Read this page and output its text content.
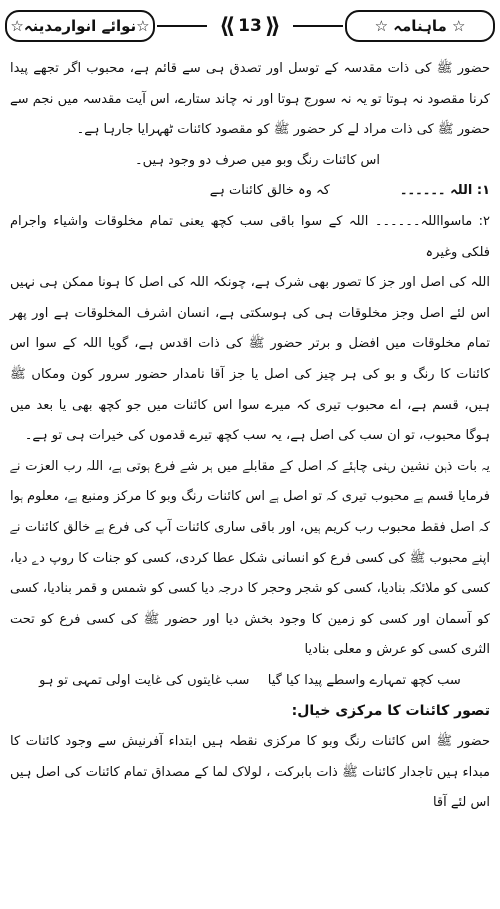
☆ ماہنامہ ☆
⟪ 13 ⟫
☆نوائے انوارمدینہ☆

حضور ﷺ کی ذات مقدسہ کے توسل اور تصدق ہی سے قائم ہے، محبوب اگر تجھے پیدا کرنا مقصود نہ ہوتا تو یہ نہ سورج ہوتا اور نہ چاند ستارے، اس آیت مقدسہ میں نجم سے حضور ﷺ کی ذات مراد لے کر حضور ﷺ کو مقصود کائنات ٹھہرایا جارہا ہے۔

اس کائنات رنگ وبو میں صرف دو وجود ہیں۔

۱: اللہ ۔۔۔۔۔۔
کہ وہ خالق کائنات ہے

۲: ماسوااللہ۔۔۔۔۔۔ اللہ کے سوا باقی سب کچھ یعنی تمام مخلوقات واشیاء واجرام فلکی وغیرہ

اللہ کی اصل اور جز کا تصور بھی شرک ہے، چونکہ اللہ کی اصل کا ہونا ممکن ہی نہیں اس لئے اصل وجز مخلوقات ہی کی ہوسکتی ہے، انسان اشرف المخلوقات ہے اور پھر تمام مخلوقات میں افضل و برتر حضور ﷺ کی ذات اقدس ہے، گویا اللہ کے سوا اس کائنات کا رنگ و بو کی ہر چیز کی اصل یا جز آقا نامدار حضور سرور کون ومکاں ﷺ ہیں، قسم ہے، اے محبوب تیری کہ میرے سوا اس کائنات میں جو کچھ بھی یا بعد میں ہوگا محبوب، تو ان سب کی اصل ہے، یہ سب کچھ تیرے قدموں کی خیرات ہی تو ہے۔

یہ بات ذہن نشین رہنی چاہئے کہ اصل کے مقابلے میں ہر شے فرع ہوتی ہے، اللہ رب العزت نے فرمایا قسم ہے محبوب تیری کہ تو اصل ہے اس کائنات رنگ وبو کا مرکز ومنبع ہے، معلوم ہوا کہ اصل فقط محبوب رب کریم ہیں، اور باقی ساری کائنات آپ کی فرع ہے خالق کائنات نے اپنے محبوب ﷺ کی کسی فرع کو انسانی شکل عطا کردی، کسی کو جنات کا روپ دے دیا، کسی کو ملائکہ بنادیا، کسی کو شجر وحجر کا درجہ دیا کسی کو شمس و قمر بنادیا، کسی کو آسمان اور کسی کو زمین کا وجود بخش دیا اور حضور ﷺ کی کسی فرع کو تحت الثری کسی کو عرش و معلی بنادیا

سب کچھ تمہارے واسطے پیدا کیا گیا
سب غایتوں کی غایت اولی تمہی تو ہو

تصور کائنات کا مرکزی خیال:

حضور ﷺ اس کائنات رنگ وبو کا مرکزی نقطہ ہیں ابتداء آفرنیش سے وجود کائنات کا مبداء ہیں تاجدار کائنات ﷺ ذات بابرکت ، لولاک لما کے مصداق تمام کائنات کی اصل ہیں اس لئے آقا
